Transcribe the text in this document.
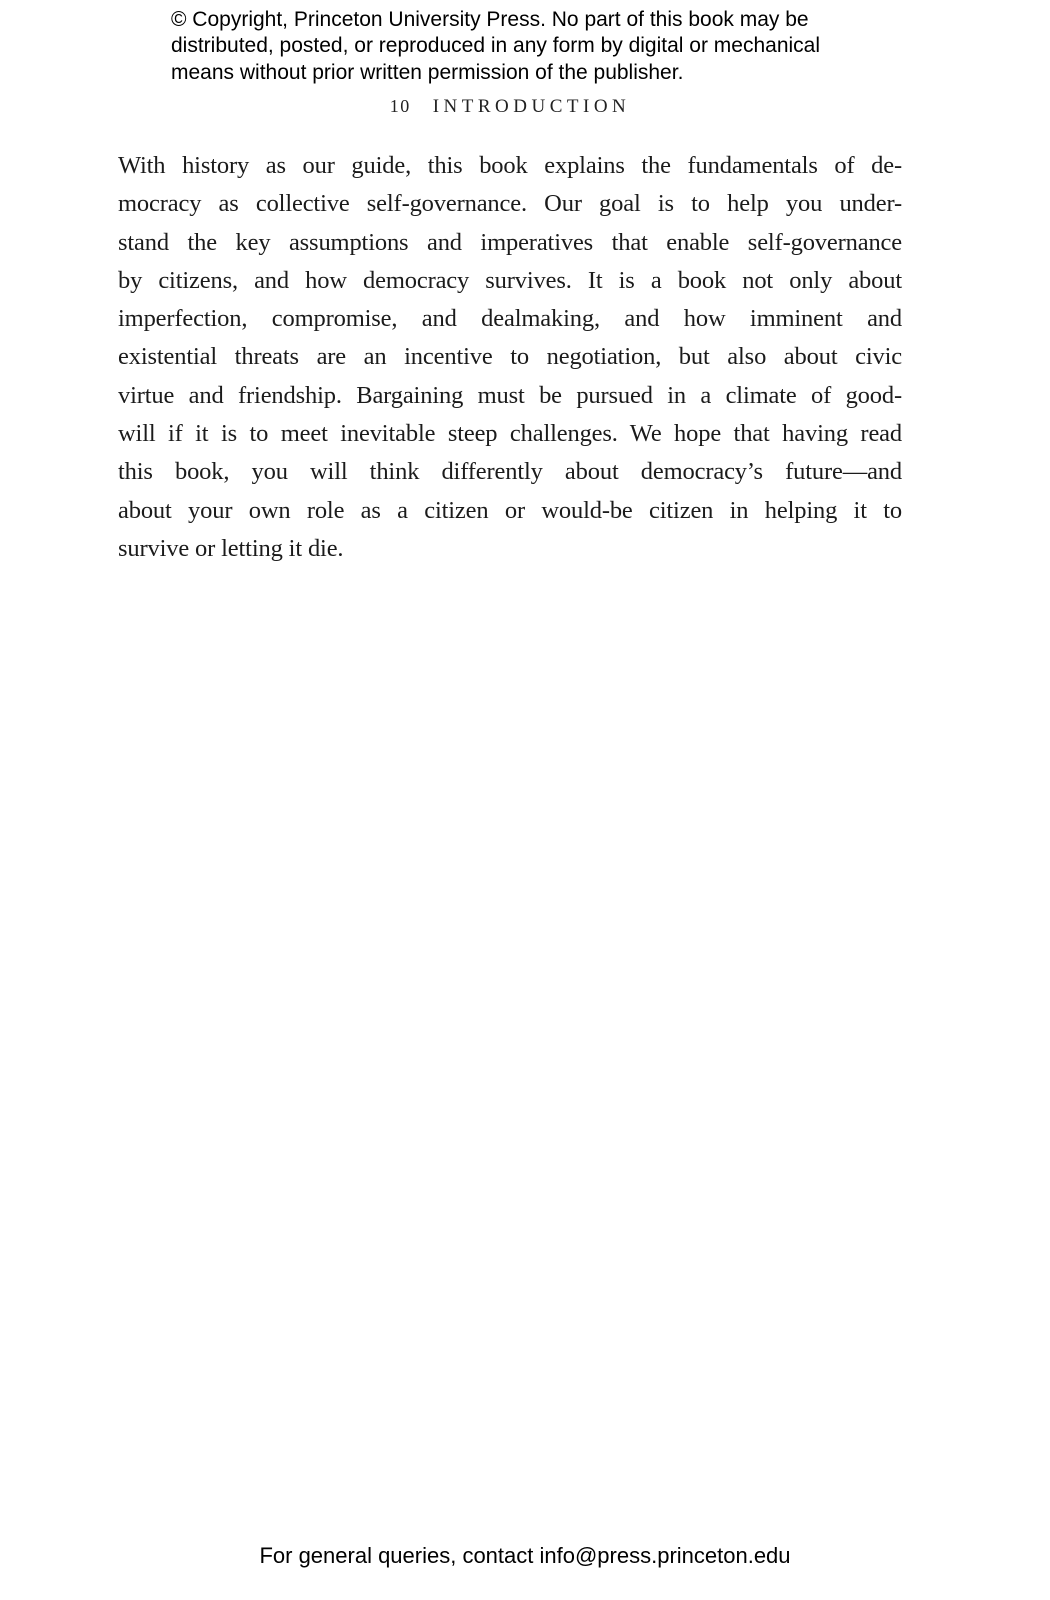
© Copyright, Princeton University Press. No part of this book may be
distributed, posted, or reproduced in any form by digital or mechanical
means without prior written permission of the publisher.
10 INTRODUCTION
With history as our guide, this book explains the fundamentals of de-
mocracy as collective self-governance. Our goal is to help you under-
stand the key assumptions and imperatives that enable self-governance
by citizens, and how democracy survives. It is a book not only about
imperfection, compromise, and dealmaking, and how imminent and
existential threats are an incentive to negotiation, but also about civic
virtue and friendship. Bargaining must be pursued in a climate of good-
will if it is to meet inevitable steep challenges. We hope that having read
this book, you will think differently about democracy’s future—and
about your own role as a citizen or would-be citizen in helping it to
survive or letting it die.
For general queries, contact info@press.princeton.edu
